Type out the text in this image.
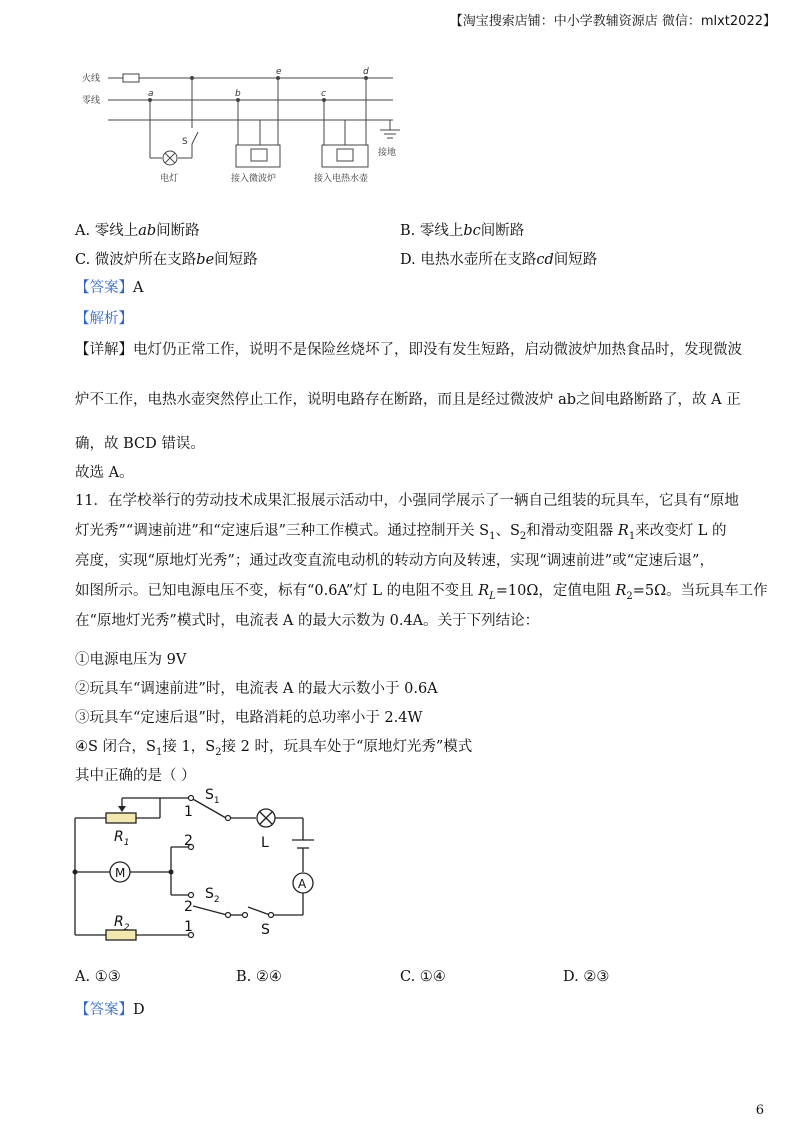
【淘宝搜索店铺：中小学教辅资源店 微信：mlxt2022】
火线
零线
接地
a	b	c
d
e
S
电灯	接入微波炉	接入电热水壶
A. 零线上ab间断路	B. 零线上bc间断路
C. 微波炉所在支路be间短路	D. 电热水壶所在支路cd间短路
【答案】A
【解析】
【详解】电灯仍正常工作，说明不是保险丝烧坏了，即没有发生短路，启动微波炉加热食品时，发现微波
炉不工作，电热水壶突然停止工作，说明电路存在断路，而且是经过微波炉 ab之间电路断路了，故 A 正
确，故 BCD 错误。
故选 A。
11．在学校举行的劳动技术成果汇报展示活动中，小强同学展示了一辆自己组装的玩具车，它具有“原地
灯光秀”“调速前进”和“定速后退”三种工作模式。通过控制开关 $S_1$、$S_2$和滑动变阻器 $R_1$来改变灯 L 的
亮度，实现“原地灯光秀”；通过改变直流电动机的转动方向及转速，实现“调速前进”或“定速后退”，
如图所示。已知电源电压不变，标有“0.6A”灯 L 的电阻不变且 $R_L=10\Omega$，定值电阻 $R_2=5\Omega$。当玩具车工作
在“原地灯光秀”模式时，电流表 A 的最大示数为 0.4A。关于下列结论：
①电源电压为 9V
②玩具车“调速前进”时，电流表 A 的最大示数小于 0.6A
③玩具车“定速后退”时，电路消耗的总功率小于 2.4W
④S 闭合，$S_1$接 1，$S_2$接 2 时，玩具车处于“原地灯光秀”模式
其中正确的是（ ）
$R_1$
$R_2$
M
A
L
S
$S_1$
$S_2$
1
2
2
1
A. ①③	B. ②④	C. ①④	D. ②③
【答案】D
6
